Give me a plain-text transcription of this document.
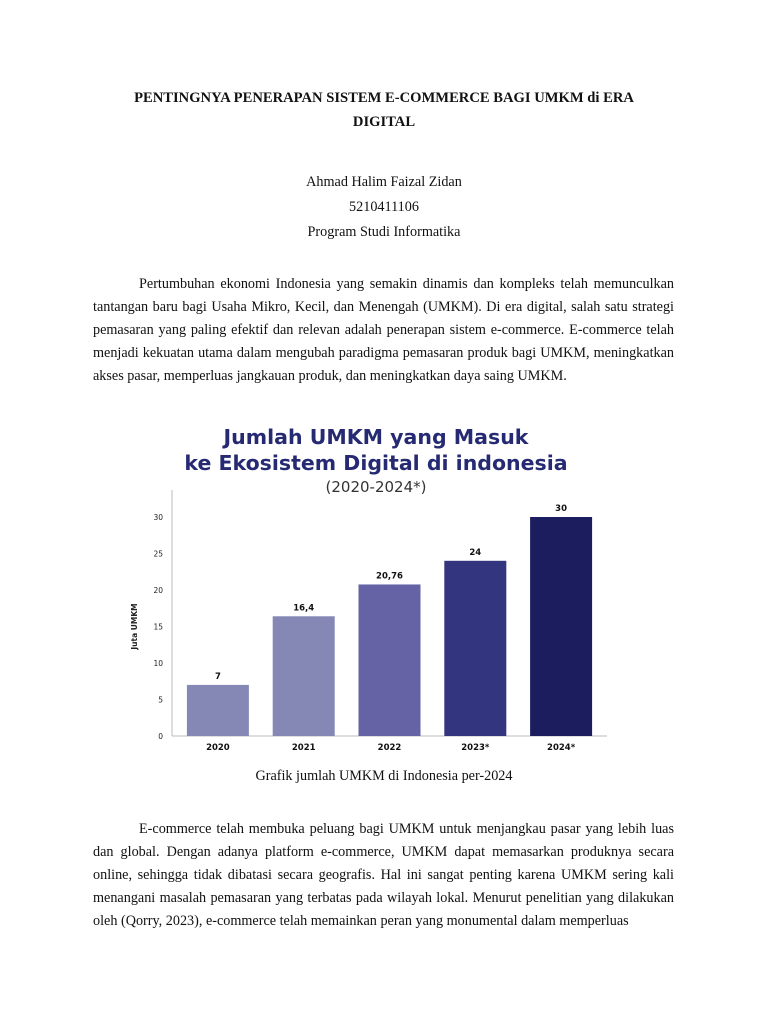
PENTINGNYA PENERAPAN SISTEM E-COMMERCE BAGI UMKM di ERA
DIGITAL
Ahmad Halim Faizal Zidan
5210411106
Program Studi Informatika

Pertumbuhan ekonomi Indonesia yang semakin dinamis dan kompleks telah memunculkan tantangan baru bagi Usaha Mikro, Kecil, dan Menengah (UMKM). Di era digital, salah satu strategi pemasaran yang paling efektif dan relevan adalah penerapan sistem e-commerce. E-commerce telah menjadi kekuatan utama dalam mengubah paradigma pemasaran produk bagi UMKM, meningkatkan akses pasar, memperluas jangkauan produk, dan meningkatkan daya saing UMKM.

Jumlah UMKM yang Masuk
ke Ekosistem Digital di indonesia
(2020-2024*)
0
5
10
15
20
25
30
Juta UMKM
7
2020
16,4
2021
20,76
2022
24
2023*
30
2024*
Grafik jumlah UMKM di Indonesia per-2024

E-commerce telah membuka peluang bagi UMKM untuk menjangkau pasar yang lebih luas dan global. Dengan adanya platform e-commerce, UMKM dapat memasarkan produknya secara online, sehingga tidak dibatasi secara geografis. Hal ini sangat penting karena UMKM sering kali menangani masalah pemasaran yang terbatas pada wilayah lokal. Menurut penelitian yang dilakukan oleh (Qorry, 2023), e-commerce telah memainkan peran yang monumental dalam memperluas
